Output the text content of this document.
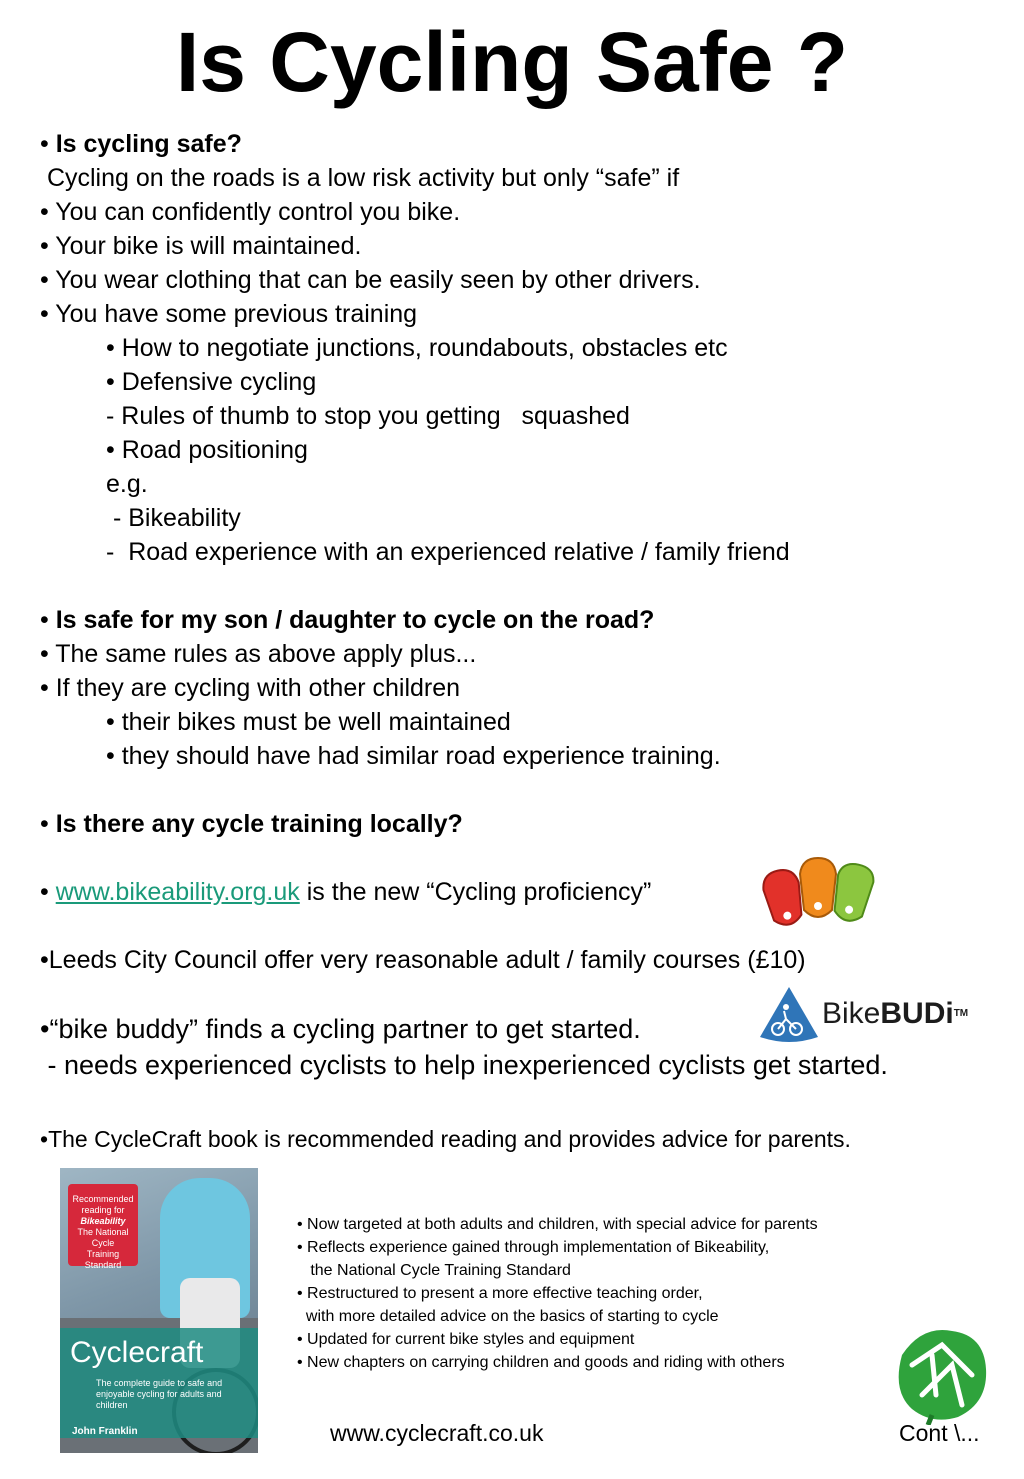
Is Cycling Safe ?

• Is cycling safe?

Cycling on the roads is a low risk activity but only “safe” if

• You can confidently control you bike.

• Your bike is will maintained.

• You wear clothing that can be easily seen by other drivers.

• You have some previous training

• How to negotiate junctions, roundabouts, obstacles etc

• Defensive cycling

- Rules of thumb to stop you getting   squashed

• Road positioning

e.g.

- Bikeability

-  Road experience with an experienced relative / family friend

• Is safe for my son / daughter to cycle on the road?

• The same rules as above apply plus...

• If they are cycling with other children

• their bikes must be well maintained

• they should have had similar road experience training.

• Is there any cycle training locally?

• www.bikeability.org.uk is the new “Cycling proficiency”

•Leeds City Council offer very reasonable adult / family courses (£10)

•“bike buddy” finds a cycling partner to get started.

- needs experienced cyclists to help inexperienced cyclists get started.

•The CycleCraft book is recommended reading and provides advice for parents.

BikeBUDi™
Recommended
reading for
Bikeability
The National Cycle
Training Standard
Cyclecraft
The complete guide to safe and enjoyable cycling for adults and children
John Franklin

• Now targeted at both adults and children, with special advice for parents

• Reflects experience gained through implementation of Bikeability,

the National Cycle Training Standard

• Restructured to present a more effective teaching order,

with more detailed advice on the basics of starting to cycle

• Updated for current bike styles and equipment

• New chapters on carrying children and goods and riding with others

www.cyclecraft.co.uk	Cont \...
